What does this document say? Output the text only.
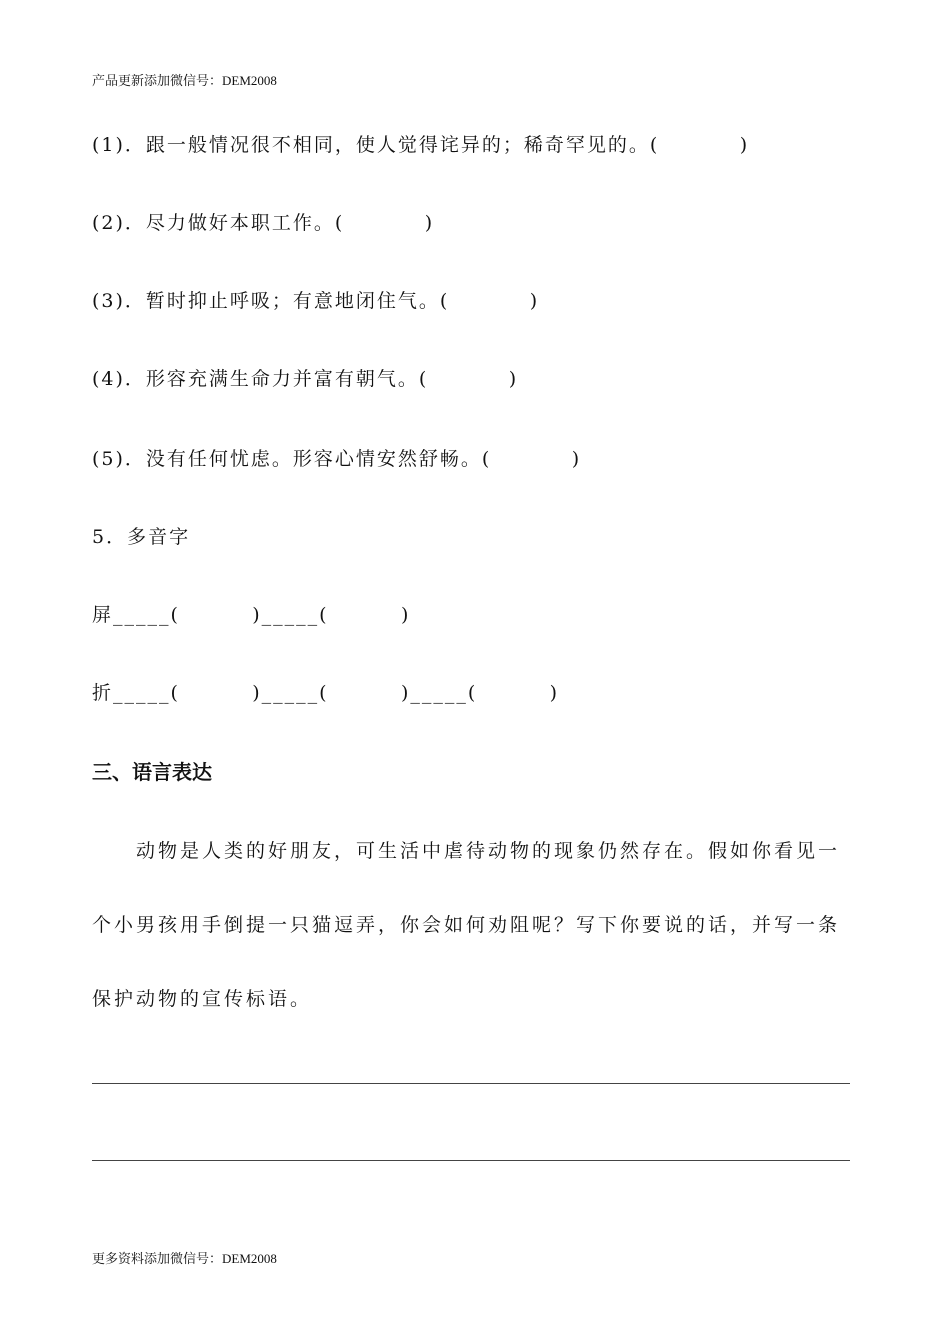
产品更新添加微信号：DEM2008
(1)．跟一般情况很不相同，使人觉得诧异的；稀奇罕见的。(          )
(2)．尽力做好本职工作。(          )
(3)．暂时抑止呼吸；有意地闭住气。(          )
(4)．形容充满生命力并富有朝气。(          )
(5)．没有任何忧虑。形容心情安然舒畅。(          )
5．多音字
屏_____(         )_____(         )
折_____(         )_____(         )_____(         )
三、语言表达
　　动物是人类的好朋友，可生活中虐待动物的现象仍然存在。假如你看见一
个小男孩用手倒提一只猫逗弄，你会如何劝阻呢？写下你要说的话，并写一条
保护动物的宣传标语。
更多资料添加微信号：DEM2008
